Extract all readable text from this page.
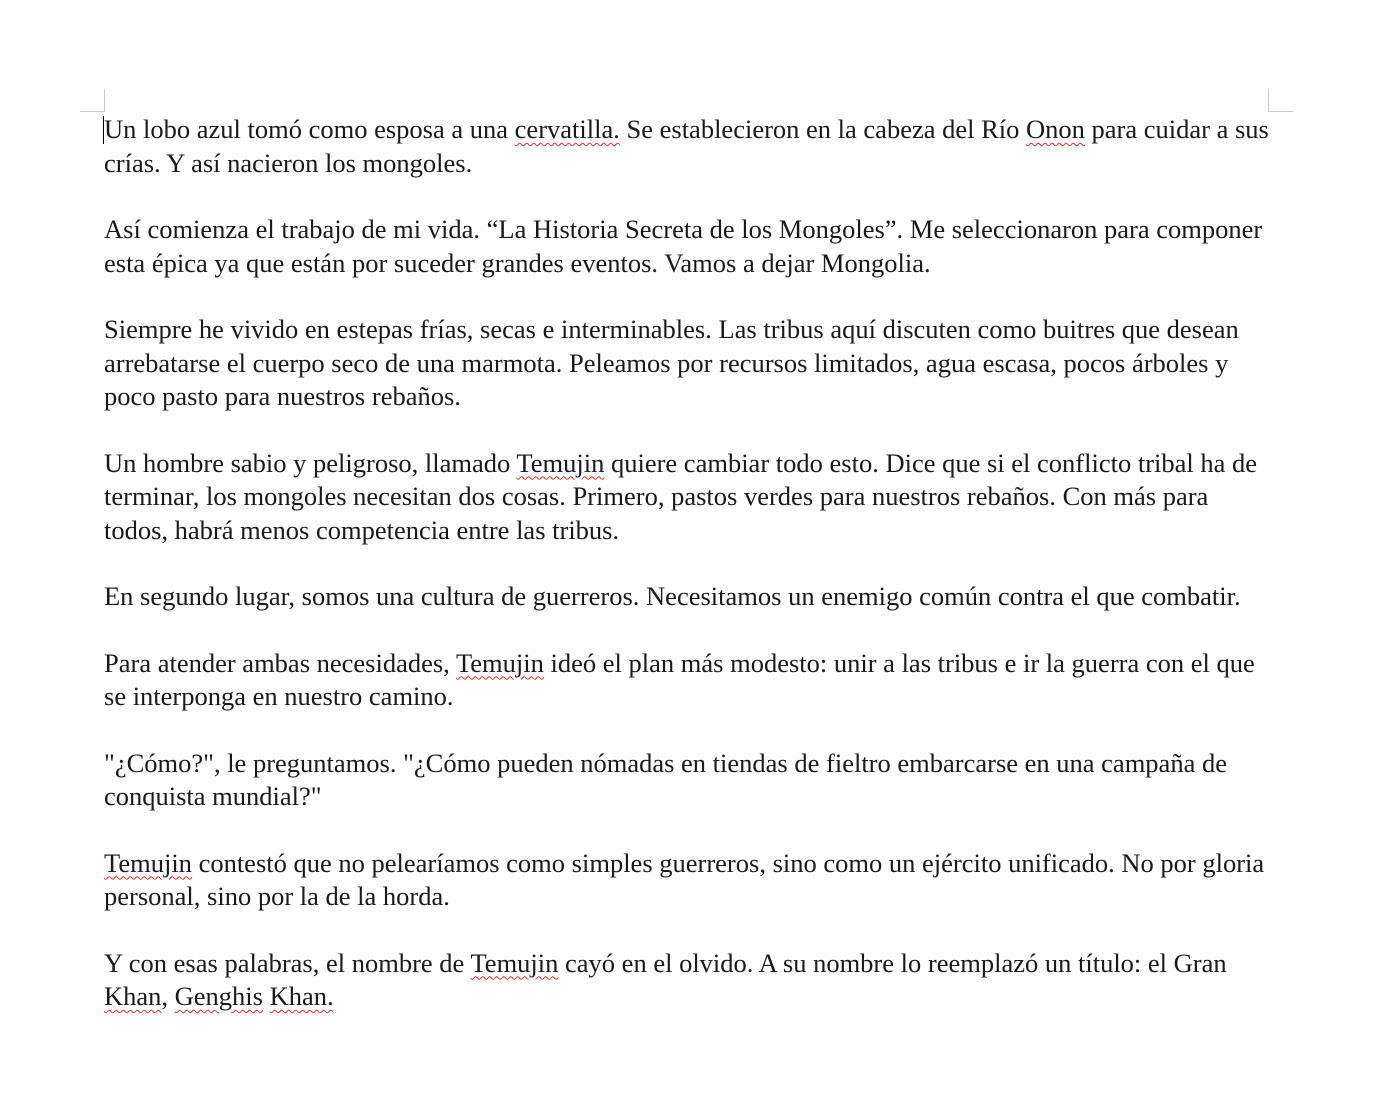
Un lobo azul tomó como esposa a una cervatilla. Se establecieron en la cabeza del Río Onon para cuidar a sus crías. Y así nacieron los mongoles.

Así comienza el trabajo de mi vida. “La Historia Secreta de los Mongoles”. Me seleccionaron para componer esta épica ya que están por suceder grandes eventos. Vamos a dejar Mongolia.

Siempre he vivido en estepas frías, secas e interminables. Las tribus aquí discuten como buitres que desean arrebatarse el cuerpo seco de una marmota. Peleamos por recursos limitados, agua escasa, pocos árboles y poco pasto para nuestros rebaños.

Un hombre sabio y peligroso, llamado Temujin quiere cambiar todo esto. Dice que si el conflicto tribal ha de terminar, los mongoles necesitan dos cosas. Primero, pastos verdes para nuestros rebaños. Con más para todos, habrá menos competencia entre las tribus.

En segundo lugar, somos una cultura de guerreros. Necesitamos un enemigo común contra el que combatir.

Para atender ambas necesidades, Temujin ideó el plan más modesto: unir a las tribus e ir la guerra con el que se interponga en nuestro camino.

"¿Cómo?", le preguntamos. "¿Cómo pueden nómadas en tiendas de fieltro embarcarse en una campaña de conquista mundial?"

Temujin contestó que no pelearíamos como simples guerreros, sino como un ejército unificado. No por gloria personal, sino por la de la horda.

Y con esas palabras, el nombre de Temujin cayó en el olvido. A su nombre lo reemplazó un título: el Gran Khan, Genghis Khan.
